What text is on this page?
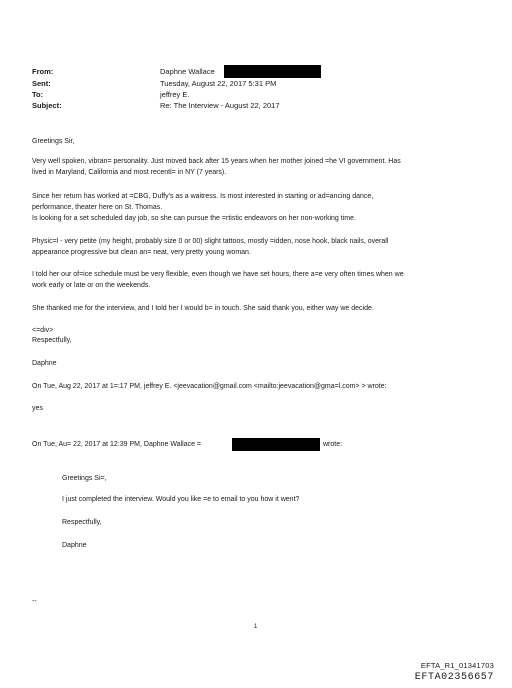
From:	Daphne Wallace
Sent:	Tuesday, August 22, 2017 5:31 PM
To:	jeffrey E.
Subject:	Re: The Interview - August 22, 2017
Greetings Sir,
Very well spoken, vibran= personality. Just moved back after 15 years when her mother joined =he VI government. Has
lived in Maryland, California and most recentl= in NY (7 years).
Since her return has worked at =CBG, Duffy's as a waitress. Is most interested in starting or ad=ancing dance,
performance, theater here on St. Thomas.
Is looking for a set scheduled day job, so she can pursue the =rtistic endeavors on her non-working time.
Physic=l - very petite (my height, probably size 0 or 00) slight tattoos, mostly =idden, nose hook, black nails, overall
appearance progressive but clean an= neat, very pretty young woman.
I told her our of=ice schedule must be very flexible, even though we have set hours, there a=e very often times when we
work early or late or on the weekends.
She thanked me for the interview, and I told her I would b= in touch. She said thank you, either way we decide.
<=div>
Respectfully,
Daphne
On Tue, Aug 22, 2017 at 1=:17 PM, jeffrey E. <jeevacation@gmail.com <mailto:jeevacation@gma=l.com> > wrote:
yes
On Tue, Au= 22, 2017 at 12:39 PM, Daphne Wallace =	wrote:
Greetings Si=,
I just completed the interview. Would you like =e to email to you how it went?
Respectfully,
Daphne
--
1
EFTA_R1_01341703
EFTA02356657
